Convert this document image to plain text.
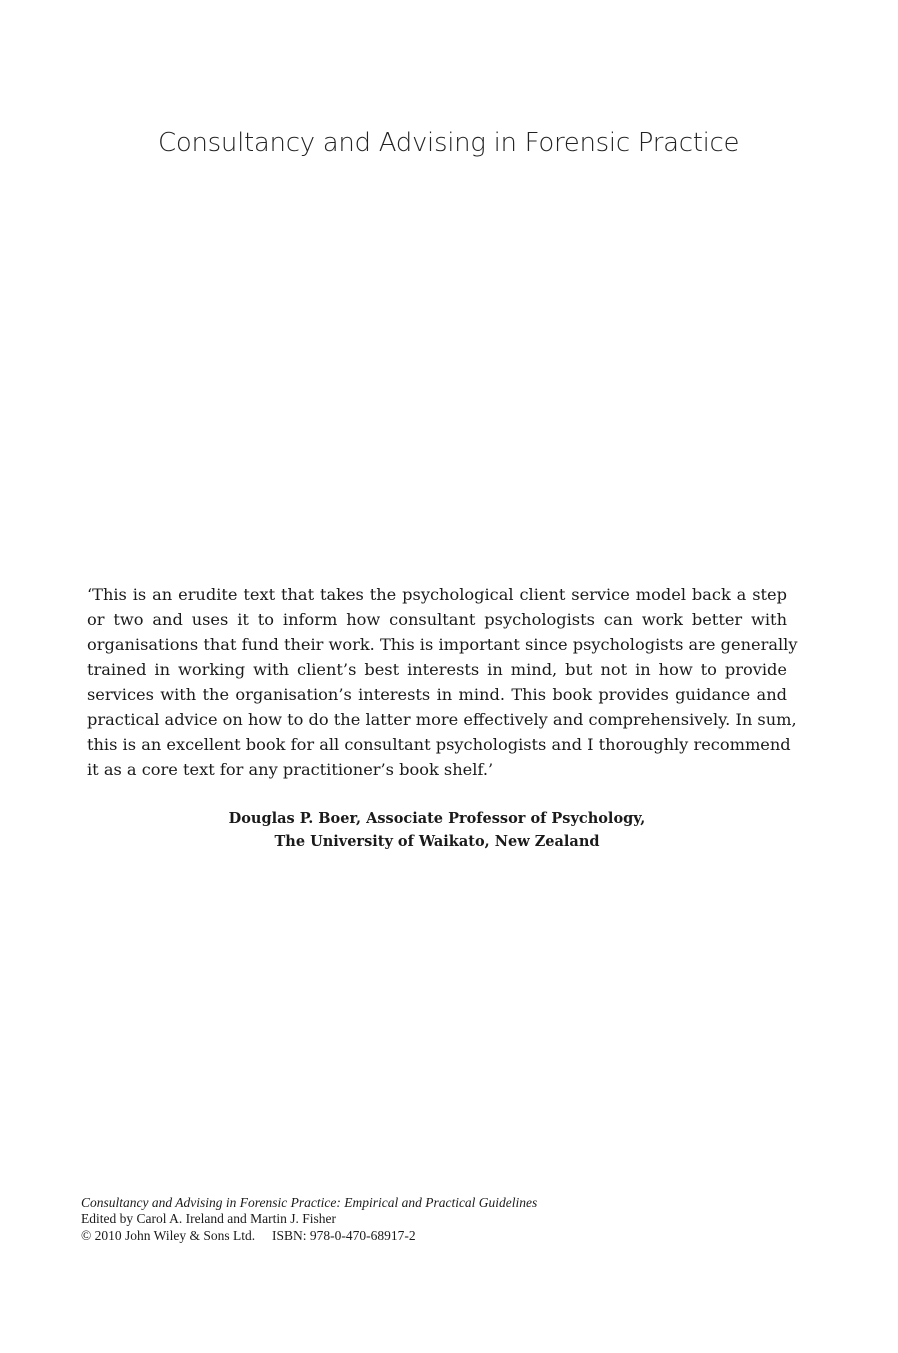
Consultancy and Advising in Forensic Practice
‘This is an erudite text that takes the psychological client service model back a step
or two and uses it to inform how consultant psychologists can work better with
organisations that fund their work. This is important since psychologists are generally
trained in working with client’s best interests in mind, but not in how to provide
services with the organisation’s interests in mind. This book provides guidance and
practical advice on how to do the latter more effectively and comprehensively. In sum,
this is an excellent book for all consultant psychologists and I thoroughly recommend
it as a core text for any practitioner’s book shelf.’
Douglas P. Boer, Associate Professor of Psychology,
The University of Waikato, New Zealand
Consultancy and Advising in Forensic Practice: Empirical and Practical Guidelines
Edited by Carol A. Ireland and Martin J. Fisher
© 2010 John Wiley & Sons Ltd. ISBN: 978-0-470-68917-2
